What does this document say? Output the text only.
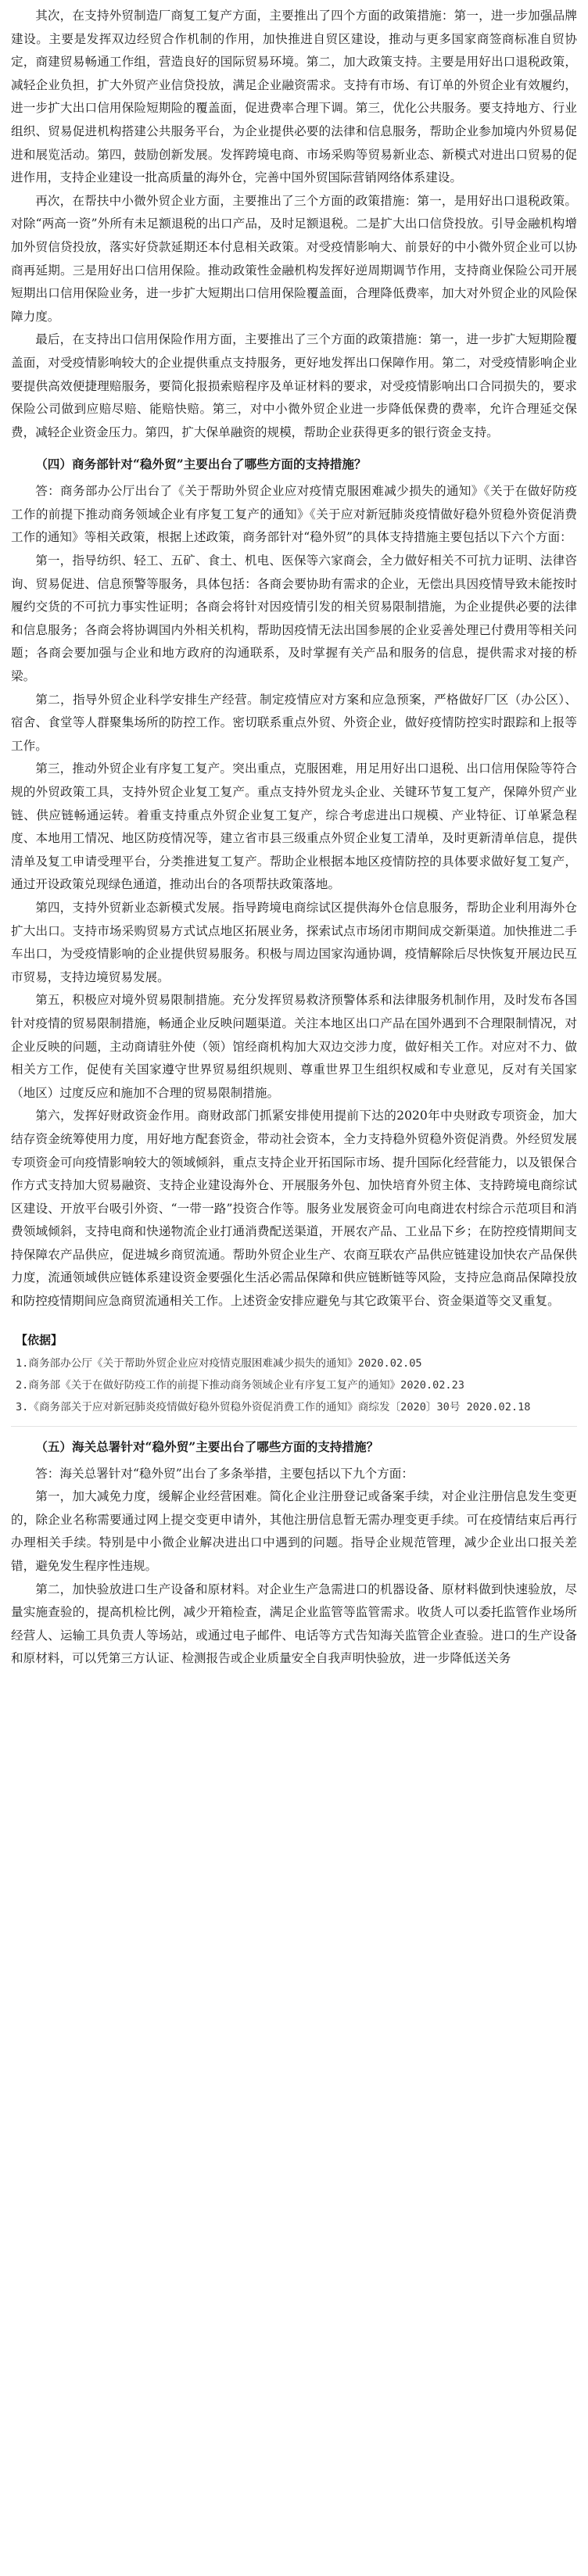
其次，在支持外贸制造厂商复工复产方面，主要推出了四个方面的政策措施：第一，进一步加强品牌建设。主要是发挥双边经贸合作机制的作用，加快推进自贸区建设，推动与更多国家商签商标准自贸协定，商建贸易畅通工作组，营造良好的国际贸易环境。第二，加大政策支持。主要是用好出口退税政策，减轻企业负担，扩大外贸产业信贷投放，满足企业融资需求。支持有市场、有订单的外贸企业有效履约，进一步扩大出口信用保险短期险的覆盖面，促进费率合理下调。第三，优化公共服务。要支持地方、行业组织、贸易促进机构搭建公共服务平台，为企业提供必要的法律和信息服务，帮助企业参加境内外贸易促进和展览活动。第四，鼓励创新发展。发挥跨境电商、市场采购等贸易新业态、新模式对进出口贸易的促进作用，支持企业建设一批高质量的海外仓，完善中国外贸国际营销网络体系建设。

再次，在帮扶中小微外贸企业方面，主要推出了三个方面的政策措施：第一，是用好出口退税政策。对除“两高一资”外所有未足额退税的出口产品，及时足额退税。二是扩大出口信贷投放。引导金融机构增加外贸信贷投放，落实好贷款延期还本付息相关政策。对受疫情影响大、前景好的中小微外贸企业可以协商再延期。三是用好出口信用保险。推动政策性金融机构发挥好逆周期调节作用，支持商业保险公司开展短期出口信用保险业务，进一步扩大短期出口信用保险覆盖面，合理降低费率，加大对外贸企业的风险保障力度。

最后，在支持出口信用保险作用方面，主要推出了三个方面的政策措施：第一，进一步扩大短期险覆盖面，对受疫情影响较大的企业提供重点支持服务，更好地发挥出口保障作用。第二，对受疫情影响企业要提供高效便捷理赔服务，要简化报损索赔程序及单证材料的要求，对受疫情影响出口合同损失的，要求保险公司做到应赔尽赔、能赔快赔。第三，对中小微外贸企业进一步降低保费的费率，允许合理延交保费，减轻企业资金压力。第四，扩大保单融资的规模，帮助企业获得更多的银行资金支持。

（四）商务部针对“稳外贸”主要出台了哪些方面的支持措施？

答：商务部办公厅出台了《关于帮助外贸企业应对疫情克服困难减少损失的通知》《关于在做好防疫工作的前提下推动商务领域企业有序复工复产的通知》《关于应对新冠肺炎疫情做好稳外贸稳外资促消费工作的通知》等相关政策，根据上述政策，商务部针对“稳外贸”的具体支持措施主要包括以下六个方面：

第一，指导纺织、轻工、五矿、食土、机电、医保等六家商会，全力做好相关不可抗力证明、法律咨询、贸易促进、信息预警等服务，具体包括：各商会要协助有需求的企业，无偿出具因疫情导致未能按时履约交货的不可抗力事实性证明；各商会将针对因疫情引发的相关贸易限制措施，为企业提供必要的法律和信息服务；各商会将协调国内外相关机构，帮助因疫情无法出国参展的企业妥善处理已付费用等相关问题；各商会要加强与企业和地方政府的沟通联系，及时掌握有关产品和服务的信息，提供需求对接的桥梁。

第二，指导外贸企业科学安排生产经营。制定疫情应对方案和应急预案，严格做好厂区（办公区）、宿舍、食堂等人群聚集场所的防控工作。密切联系重点外贸、外资企业，做好疫情防控实时跟踪和上报等工作。

第三，推动外贸企业有序复工复产。突出重点，克服困难，用足用好出口退税、出口信用保险等符合规的外贸政策工具，支持外贸企业复工复产。重点支持外贸龙头企业、关键环节复工复产，保障外贸产业链、供应链畅通运转。着重支持重点外贸企业复工复产，综合考虑进出口规模、产业特征、订单紧急程度、本地用工情况、地区防疫情况等，建立省市县三级重点外贸企业复工清单，及时更新清单信息，提供清单及复工申请受理平台，分类推进复工复产。帮助企业根据本地区疫情防控的具体要求做好复工复产，通过开设政策兑现绿色通道，推动出台的各项帮扶政策落地。

第四，支持外贸新业态新模式发展。指导跨境电商综试区提供海外仓信息服务，帮助企业利用海外仓扩大出口。支持市场采购贸易方式试点地区拓展业务，探索试点市场闭市期间成交新渠道。加快推进二手车出口，为受疫情影响的企业提供贸易服务。积极与周边国家沟通协调，疫情解除后尽快恢复开展边民互市贸易，支持边境贸易发展。

第五，积极应对境外贸易限制措施。充分发挥贸易救济预警体系和法律服务机制作用，及时发布各国针对疫情的贸易限制措施，畅通企业反映问题渠道。关注本地区出口产品在国外遇到不合理限制情况，对企业反映的问题，主动商请驻外使（领）馆经商机构加大双边交涉力度，做好相关工作。对应对不力、做相关方工作，促使有关国家遵守世界贸易组织规则、尊重世界卫生组织权威和专业意见，反对有关国家（地区）过度反应和施加不合理的贸易限制措施。

第六，发挥好财政资金作用。商财政部门抓紧安排使用提前下达的2020年中央财政专项资金，加大结存资金统筹使用力度，用好地方配套资金，带动社会资本，全力支持稳外贸稳外资促消费。外经贸发展专项资金可向疫情影响较大的领域倾斜，重点支持企业开拓国际市场、提升国际化经营能力，以及银保合作方式支持加大贸易融资、支持企业建设海外仓、开展服务外包、加快培育外贸主体、支持跨境电商综试区建设、开放平台吸引外资、“一带一路”投资合作等。服务业发展资金可向电商进农村综合示范项目和消费领域倾斜，支持电商和快递物流企业打通消费配送渠道，开展农产品、工业品下乡；在防控疫情期间支持保障农产品供应，促进城乡商贸流通。帮助外贸企业生产、农商互联农产品供应链建设加快农产品保供力度，流通领域供应链体系建设资金要强化生活必需品保障和供应链断链等风险，支持应急商品保障投放和防控疫情期间应急商贸流通相关工作。上述资金安排应避免与其它政策平台、资金渠道等交叉重复。

【依据】
1.商务部办公厅《关于帮助外贸企业应对疫情克服困难减少损失的通知》2020.02.05
2.商务部《关于在做好防疫工作的前提下推动商务领域企业有序复工复产的通知》2020.02.23
3.《商务部关于应对新冠肺炎疫情做好稳外贸稳外资促消费工作的通知》商综发〔2020〕30号 2020.02.18
（五）海关总署针对“稳外贸”主要出台了哪些方面的支持措施？

答：海关总署针对“稳外贸”出台了多条举措，主要包括以下九个方面：

第一，加大减免力度，缓解企业经营困难。简化企业注册登记或备案手续，对企业注册信息发生变更的，除企业名称需要通过网上提交变更申请外，其他注册信息暂无需办理变更手续。可在疫情结束后再行办理相关手续。特别是中小微企业解决进出口中遇到的问题。指导企业规范管理，减少企业出口报关差错，避免发生程序性违规。

第二，加快验放进口生产设备和原材料。对企业生产急需进口的机器设备、原材料做到快速验放，尽量实施查验的，提高机检比例，减少开箱检查，满足企业监管等监管需求。收货人可以委托监管作业场所经营人、运输工具负责人等场站，或通过电子邮件、电话等方式告知海关监管企业查验。进口的生产设备和原材料，可以凭第三方认证、检测报告或企业质量安全自我声明快验放，进一步降低送关务
